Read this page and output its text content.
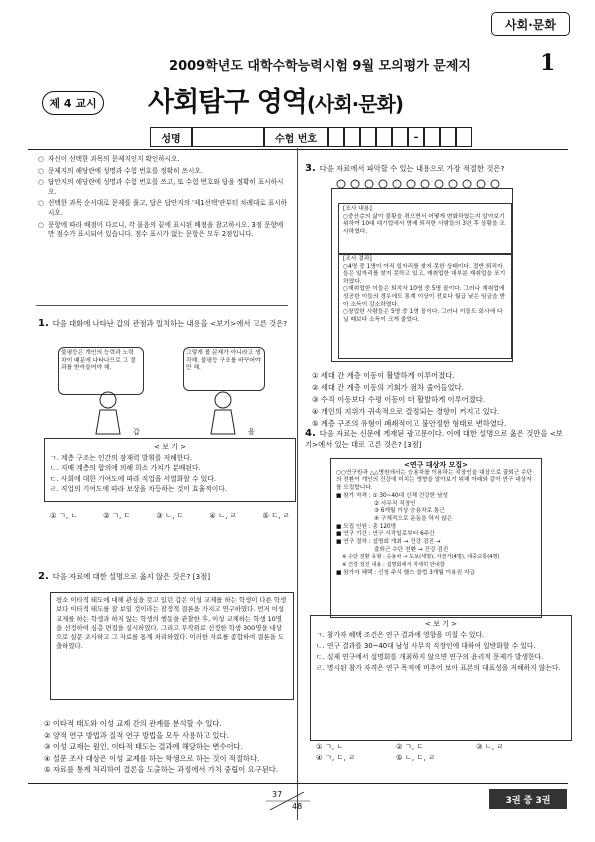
사회·문화
2009학년도 대학수학능력시험 9월 모의평가 문제지	1
제 4 교시 사회탐구 영역(사회·문화)
성명	수험 번호	–
○ 자신이 선택한 과목의 문제지인지 확인하시오.
○ 문제지의 해당란에 성명과 수험 번호를 정확히 쓰시오.
○ 답안지의 해당란에 성명과 수험 번호를 쓰고, 또 수험 번호와 답을 정확히 표시하시오.
○ 선택한 과목 순서대로 문제를 풀고, 답은 답안지의 '제1선택'란부터 차례대로 표시하시오.
○ 문항에 따라 배점이 다르니, 각 물음의 끝에 표시된 배점을 참고하시오. 3점 문항에만 점수가 표시되어 있습니다. 점수 표시가 없는 문항은 모두 2점입니다.
1. 다음 대화에 나타난 갑의 관점과 일치하는 내용을 <보기>에서 고른 것은?
불평등은 개인의 능력과 노력 차이 때문에 나타나므로 그 결과를 받아들여야 해.
그렇게 볼 문제가 아니라고 생각해. 불평등 구조를 바꾸어야만 해.
갑	을
< 보 기 >
ㄱ. 계층 구조는 인간의 잠재력 발휘를 저해한다.
ㄴ. 지배 계층의 합의에 의해 희소 가치가 분배된다.
ㄷ. 사회에 대한 기여도에 따라 직업을 서열화할 수 있다.
ㄹ. 직업의 기여도에 따라 보상을 차등하는 것이 효율적이다.
① ㄱ, ㄴ	② ㄱ, ㄷ	③ ㄴ, ㄷ	④ ㄴ, ㄹ	⑤ ㄷ, ㄹ
2. 다음 자료에 대한 설명으로 옳지 않은 것은? [3점]
평소 이타적 태도에 대해 관심을 갖고 있던 갑은 이성 교제를 하는 학생이 다른 학생보다 이타적 태도를 잘 보일 것이라는 잠정적 결론을 가지고 연구하였다. 먼저 이성 교제를 하는 학생과 하지 않는 학생의 행동을 관찰한 후, 이성 교제하는 학생 10명을 선정하여 심층 면접을 실시하였다. 그리고 무작위로 선정한 학생 300명을 대상으로 설문 조사하고 그 자료를 통계 처리하였다. 이러한 자료를 종합하여 결론을 도출하였다.
① 이타적 태도와 이성 교제 간의 관계를 분석할 수 있다.
② 양적 연구 방법과 질적 연구 방법을 모두 사용하고 있다.
③ 이성 교제는 원인, 이타적 태도는 결과에 해당하는 변수이다.
④ 설문 조사 대상은 이성 교제를 하는 학생으로 하는 것이 적절하다.
⑤ 자료를 통계 처리하여 결론을 도출하는 과정에서 가치 중립이 요구된다.
3. 다음 자료에서 파악할 수 있는 내용으로 가장 적절한 것은?
[조사 내용]
○중산층의 삶이 불황을 겪으면서 어떻게 변화하였는지 알아보기 위하여 10대 대기업에서 명예 퇴직한 사람들의 3년 후 상황을 조사하였다.
[조사 결과]
○4명 중 1명이 아직 일자리를 찾지 못한 상태이다. 절반 퇴직자들은 일자리를 찾지 못하고 있고, 재취업한 대부분 재취업을 포기하였다.
○재취업한 이들은 퇴직자 10명 중 5명 꼴이다. 그러나 재취업에 성공한 이들의 경우에도 통계 이상이 전보다 월급 낮은 임금을 받아 소득이 감소하였다.
○창업한 사람들은 5명 중 1명 꼴이다. 그러나 이들도 회사에 다닐 때보다 소득이 크게 줄었다.
① 세대 간 계층 이동이 활발하게 이루어졌다.
② 세대 간 계층 이동의 기회가 점차 줄어들었다.
③ 수직 이동보다 수평 이동이 더 활발하게 이루어졌다.
④ 개인의 지위가 귀속적으로 결정되는 경향이 커지고 있다.
⑤ 계층 구조의 유형이 폐쇄적이고 불안정한 형태로 변하였다.
4. 다음 자료는 신문에 게재된 광고문이다. 이에 대한 설명으로 옳은 것만을 <보기>에서 있는 대로 고른 것은? [3점]
<연구 대상자 모집>
○○연구원과 △△병원에서는 승용차를 이용하는 직장인을 대상으로 출퇴근 수단의 전환이 개인의 건강에 미치는 영향을 알아보기 위해 아래와 같이 연구 대상자를 모집합니다.
■ 참가 자격 : ① 30~40대 신체 건강한 남성
② 사무직 직장인
③ 6개월 이상 승용차로 통근
④ 구체적으로 운동을 하지 않은
■ 모집 인원 : 총 120명
■ 연구 기간 : 연구 시작일로부터 6주간
■ 연구 절차 : 설명회 개최 → 건강 검진 →
출퇴근 수단 전환 → 건강 검진
※ 수단 전환 유형 : 승용차 → 도보(세명), 자전거(4명), 대중교통(4명)
※ 건강 검진 내용 : 설명회에서 자세히 안내함
■ 참가자 혜택 : 신청 주식 헬스 클럽 3개월 이용권 지급
< 보 기 >
ㄱ. 참가자 혜택 조건은 연구 결과에 영향을 미칠 수 있다.
ㄴ. 연구 결과를 30~40대 남성 사무직 직장인에 대하여 일반화할 수 있다.
ㄷ. 실제 연구에서 설명회를 개최하지 않으면 연구의 윤리적 문제가 발생한다.
ㄹ. 명시된 참가 자격은 연구 목적에 비추어 보아 표본의 대표성을 저해하지 않는다.
① ㄱ, ㄴ	② ㄱ, ㄷ	③ ㄴ, ㄹ
④ ㄱ, ㄷ, ㄹ	⑤ ㄴ, ㄷ, ㄹ
37
48
3권 중 3권
